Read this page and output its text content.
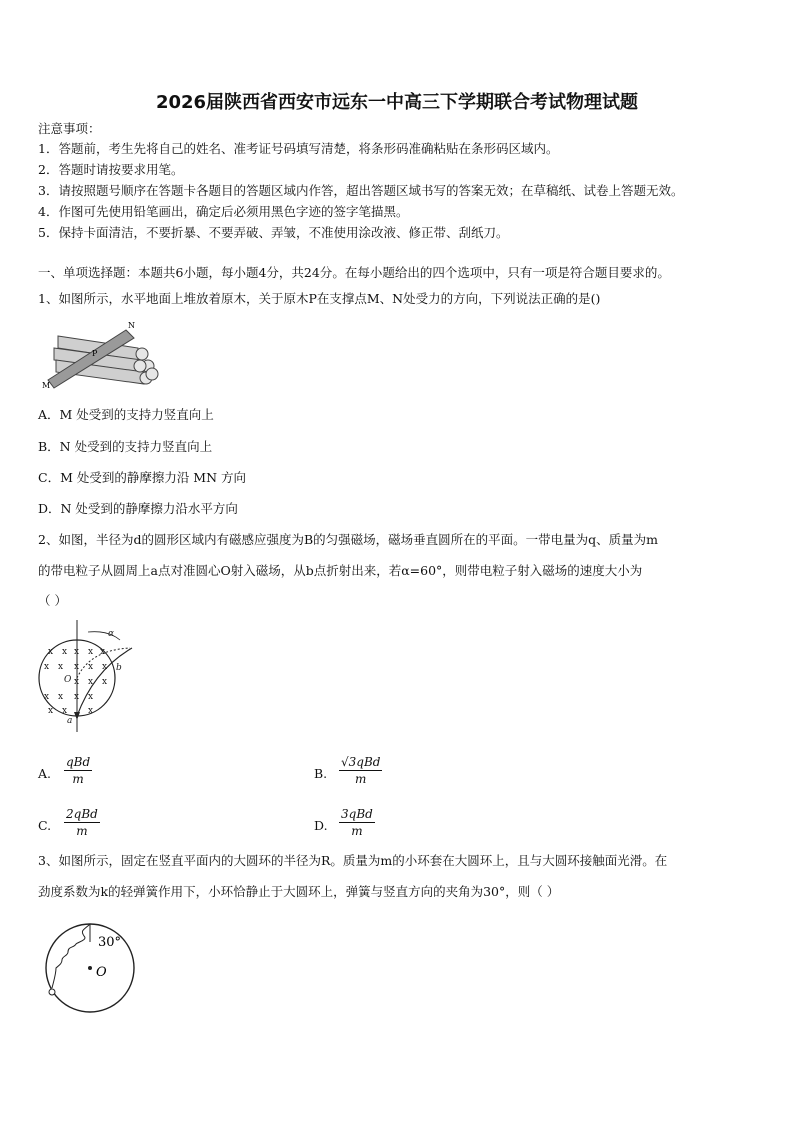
2026届陕西省西安市远东一中高三下学期联合考试物理试题
注意事项：
1．答题前，考生先将自己的姓名、准考证号码填写清楚，将条形码准确粘贴在条形码区域内。
2．答题时请按要求用笔。
3．请按照题号顺序在答题卡各题目的答题区域内作答，超出答题区域书写的答案无效；在草稿纸、试卷上答题无效。
4．作图可先使用铅笔画出，确定后必须用黑色字迹的签字笔描黑。
5．保持卡面清洁，不要折暴、不要弄破、弄皱，不准使用涂改液、修正带、刮纸刀。
一、单项选择题：本题共6小题，每小题4分，共24分。在每小题给出的四个选项中，只有一项是符合题目要求的。
1、如图所示，水平地面上堆放着原木，关于原木P在支撑点M、N处受力的方向，下列说法正确的是()
N
P
M
A．M 处受到的支持力竖直向上
B．N 处受到的支持力竖直向上
C．M 处受到的静摩擦力沿 MN 方向
D．N 处受到的静摩擦力沿水平方向
2、如图，半径为d的圆形区域内有磁感应强度为B的匀强磁场，磁场垂直圆所在的平面。一带电量为q、质量为m
的带电粒子从圆周上a点对准圆心O射入磁场，从b点折射出来，若α=60°，则带电粒子射入磁场的速度大小为
（ ）
x x x x x
x x x x x
x x x
x x x x
x x x
α
b
O
a
A.
qBd
m	B.
√3qBd
m
C.
2qBd
m	D.
3qBd
m
3、如图所示，固定在竖直平面内的大圆环的半径为R。质量为m的小环套在大圆环上，且与大圆环接触面光滑。在
劲度系数为k的轻弹簧作用下，小环恰静止于大圆环上，弹簧与竖直方向的夹角为30°，则（ ）
30°
O
